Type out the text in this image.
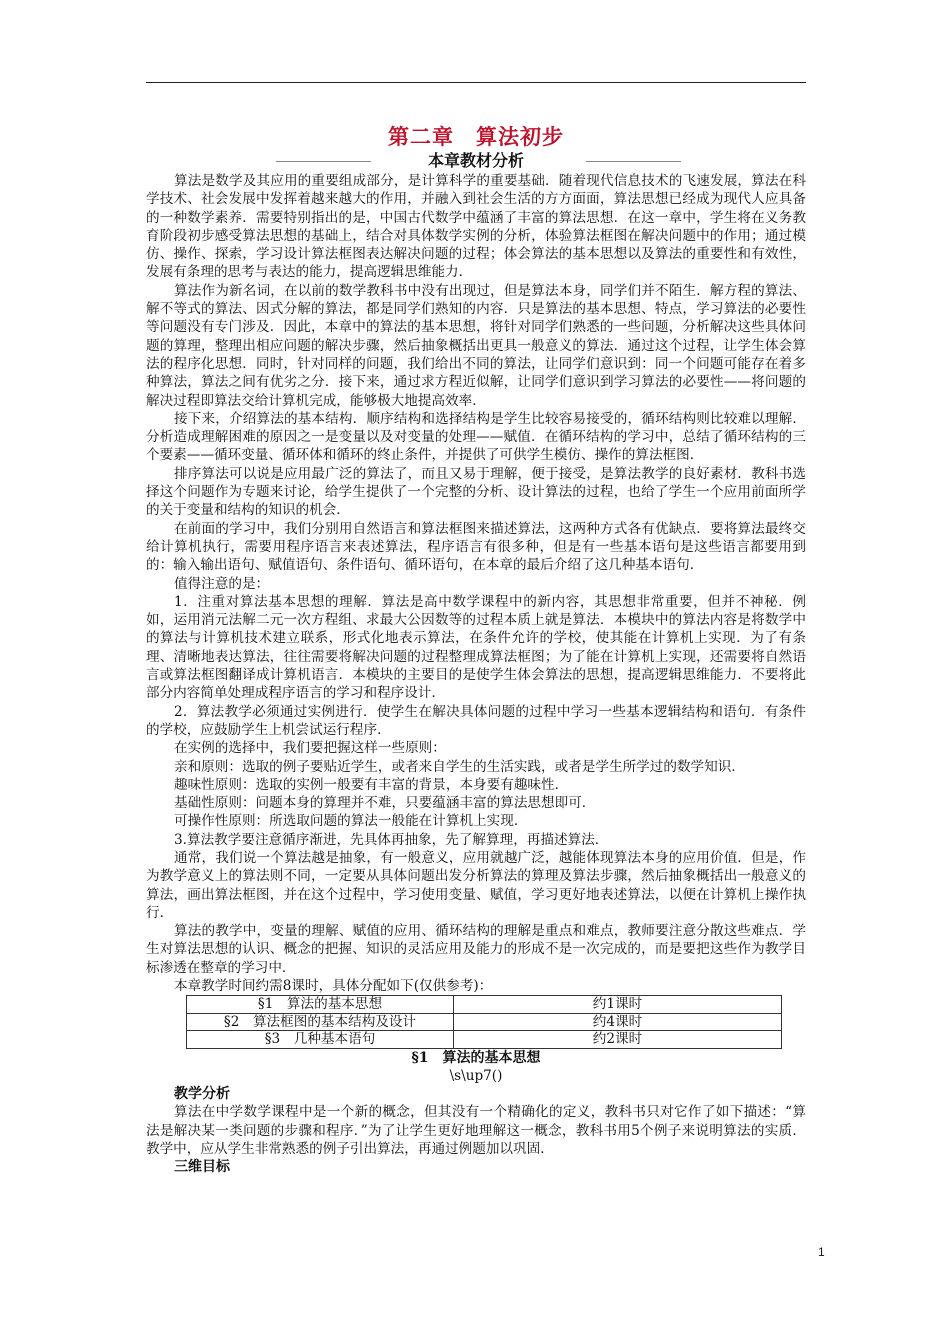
第二章　算法初步
本章教材分析

算法是数学及其应用的重要组成部分，是计算科学的重要基础．随着现代信息技术的飞速发展，算法在科学技术、社会发展中发挥着越来越大的作用，并融入到社会生活的方方面面，算法思想已经成为现代人应具备的一种数学素养．需要特别指出的是，中国古代数学中蕴涵了丰富的算法思想．在这一章中，学生将在义务教育阶段初步感受算法思想的基础上，结合对具体数学实例的分析，体验算法框图在解决问题中的作用；通过模仿、操作、探索，学习设计算法框图表达解决问题的过程；体会算法的基本思想以及算法的重要性和有效性，发展有条理的思考与表达的能力，提高逻辑思维能力．

算法作为新名词，在以前的数学教科书中没有出现过，但是算法本身，同学们并不陌生．解方程的算法、解不等式的算法、因式分解的算法，都是同学们熟知的内容．只是算法的基本思想、特点，学习算法的必要性等问题没有专门涉及．因此，本章中的算法的基本思想，将针对同学们熟悉的一些问题，分析解决这些具体问题的算理，整理出相应问题的解决步骤，然后抽象概括出更具一般意义的算法．通过这个过程，让学生体会算法的程序化思想．同时，针对同样的问题，我们给出不同的算法，让同学们意识到：同一个问题可能存在着多种算法，算法之间有优劣之分．接下来，通过求方程近似解，让同学们意识到学习算法的必要性——将问题的解决过程即算法交给计算机完成，能够极大地提高效率．

接下来，介绍算法的基本结构．顺序结构和选择结构是学生比较容易接受的，循环结构则比较难以理解．分析造成理解困难的原因之一是变量以及对变量的处理——赋值．在循环结构的学习中，总结了循环结构的三个要素——循环变量、循环体和循环的终止条件，并提供了可供学生模仿、操作的算法框图．

排序算法可以说是应用最广泛的算法了，而且又易于理解，便于接受，是算法教学的良好素材．教科书选择这个问题作为专题来讨论，给学生提供了一个完整的分析、设计算法的过程，也给了学生一个应用前面所学的关于变量和结构的知识的机会．

在前面的学习中，我们分别用自然语言和算法框图来描述算法，这两种方式各有优缺点．要将算法最终交给计算机执行，需要用程序语言来表述算法，程序语言有很多种，但是有一些基本语句是这些语言都要用到的：输入输出语句、赋值语句、条件语句、循环语句，在本章的最后介绍了这几种基本语句．

值得注意的是：

1．注重对算法基本思想的理解．算法是高中数学课程中的新内容，其思想非常重要，但并不神秘．例如，运用消元法解二元一次方程组、求最大公因数等的过程本质上就是算法．本模块中的算法内容是将数学中的算法与计算机技术建立联系，形式化地表示算法，在条件允许的学校，使其能在计算机上实现．为了有条理、清晰地表达算法，往往需要将解决问题的过程整理成算法框图；为了能在计算机上实现，还需要将自然语言或算法框图翻译成计算机语言．本模块的主要目的是使学生体会算法的思想，提高逻辑思维能力．不要将此部分内容简单处理成程序语言的学习和程序设计．

2．算法教学必须通过实例进行．使学生在解决具体问题的过程中学习一些基本逻辑结构和语句．有条件的学校，应鼓励学生上机尝试运行程序．

在实例的选择中，我们要把握这样一些原则：

亲和原则：选取的例子要贴近学生，或者来自学生的生活实践，或者是学生所学过的数学知识．

趣味性原则：选取的实例一般要有丰富的背景，本身要有趣味性．

基础性原则：问题本身的算理并不难，只要蕴涵丰富的算法思想即可．

可操作性原则：所选取问题的算法一般能在计算机上实现．

3.算法教学要注意循序渐进，先具体再抽象，先了解算理，再描述算法．

通常，我们说一个算法越是抽象，有一般意义，应用就越广泛，越能体现算法本身的应用价值．但是，作为教学意义上的算法则不同，一定要从具体问题出发分析算法的算理及算法步骤，然后抽象概括出一般意义的算法，画出算法框图，并在这个过程中，学习使用变量、赋值，学习更好地表述算法，以便在计算机上操作执行．

算法的教学中，变量的理解、赋值的应用、循环结构的理解是重点和难点，教师要注意分散这些难点．学生对算法思想的认识、概念的把握、知识的灵活应用及能力的形成不是一次完成的，而是要把这些作为教学目标渗透在整章的学习中．

本章教学时间约需8课时，具体分配如下(仅供参考)：

§1　算法的基本思想	约1课时
§2　算法框图的基本结构及设计	约4课时
§3　几种基本语句	约2课时

§1　算法的基本思想

\s\up7()

教学分析

算法在中学数学课程中是一个新的概念，但其没有一个精确化的定义，教科书只对它作了如下描述：“算法是解决某一类问题的步骤和程序．”为了让学生更好地理解这一概念，教科书用5个例子来说明算法的实质．教学中，应从学生非常熟悉的例子引出算法，再通过例题加以巩固．

三维目标

1
